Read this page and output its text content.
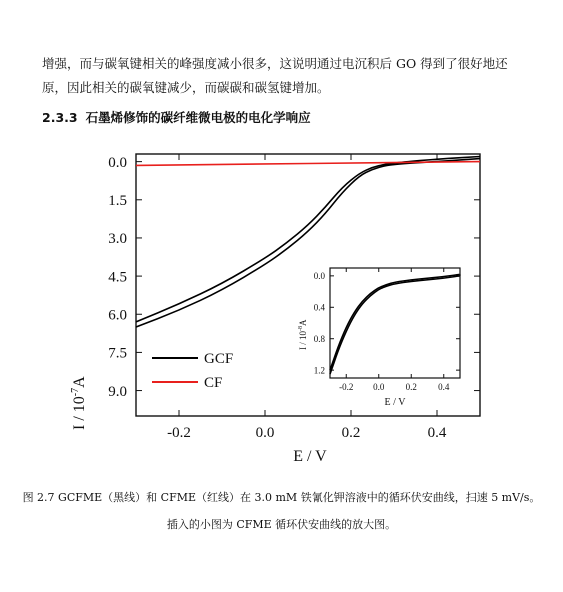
增强，而与碳氧键相关的峰强度减小很多，这说明通过电沉积后 GO 得到了很好地还
原，因此相关的碳氧键减少，而碳碳和碳氢键增加。

2.3.3 石墨烯修饰的碳纤维微电极的电化学响应
-0.2	0.0	0.2	0.4
0.0
1.5
3.0
4.5
6.0
7.5
9.0
E / V
I / $10^{-7}A$
GCF
CF	-0.2 0.0 0.2 0.4
0.0
0.4
0.8
1.2
E / V
I / $10^{-8}A$
图 2.7 GCFME（黑线）和 CFME（红线）在 3.0 mM 铁氰化钾溶液中的循环伏安曲线，扫速 5 mV/s。
插入的小图为 CFME 循环伏安曲线的放大图。
